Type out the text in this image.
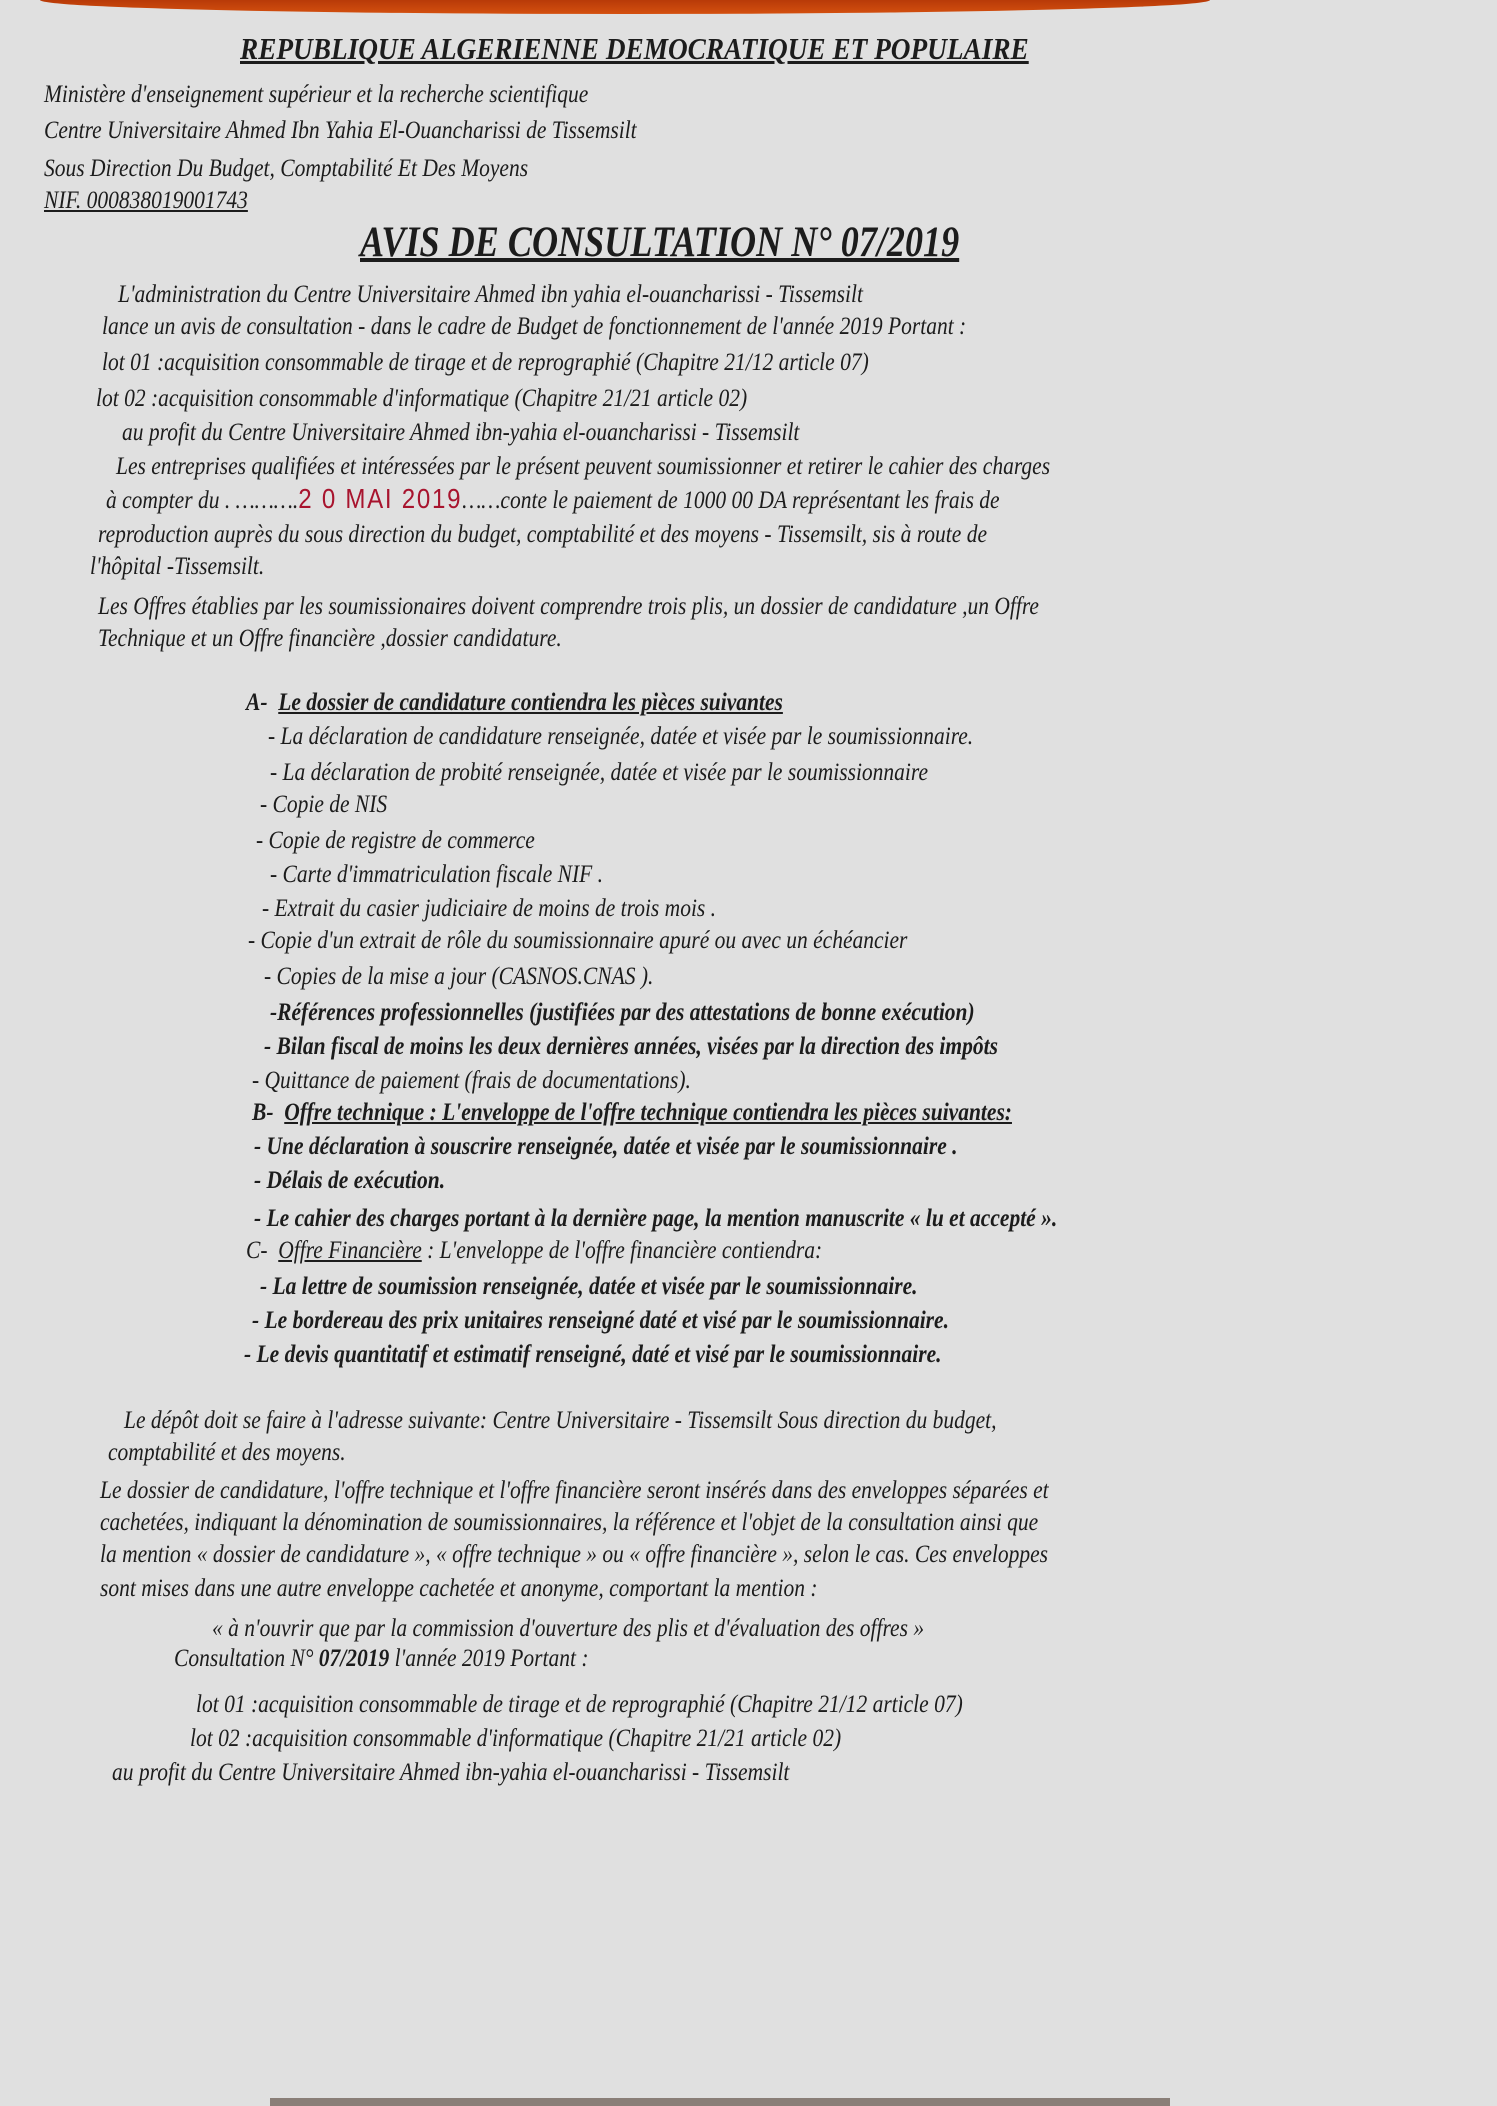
REPUBLIQUE ALGERIENNE DEMOCRATIQUE ET POPULAIRE
Ministère d'enseignement supérieur et la recherche scientifique
Centre Universitaire Ahmed Ibn Yahia El-Ouancharissi de Tissemsilt
Sous Direction Du Budget, Comptabilité Et Des Moyens
NIF. 000838019001743
AVIS DE CONSULTATION N° 07/2019
L'administration du Centre Universitaire Ahmed ibn yahia el-ouancharissi - Tissemsilt
lance un avis de consultation - dans le cadre de Budget de fonctionnement de l'année 2019 Portant :
lot 01 :acquisition consommable de tirage et de reprographié (Chapitre 21/12 article 07)
lot 02 :acquisition consommable d'informatique (Chapitre 21/21 article 02)
au profit du Centre Universitaire Ahmed ibn-yahia el-ouancharissi - Tissemsilt
Les entreprises qualifiées et intéressées par le présent peuvent soumissionner et retirer le cahier des charges
à compter du . ……….2 0 MAI 2019……conte le paiement de 1000 00 DA représentant les frais de
reproduction auprès du sous direction du budget, comptabilité et des moyens - Tissemsilt, sis à route de
l'hôpital -Tissemsilt.
Les Offres établies par les soumissionaires doivent comprendre trois plis, un dossier de candidature ,un Offre
Technique et un Offre financière ,dossier candidature.
A- Le dossier de candidature contiendra les pièces suivantes
- La déclaration de candidature renseignée, datée et visée par le soumissionnaire.
- La déclaration de probité renseignée, datée et visée par le soumissionnaire
- Copie de NIS
- Copie de registre de commerce
- Carte d'immatriculation fiscale NIF .
- Extrait du casier judiciaire de moins de trois mois .
- Copie d'un extrait de rôle du soumissionnaire apuré ou avec un échéancier
- Copies de la mise a jour (CASNOS.CNAS ).
-Références professionnelles (justifiées par des attestations de bonne exécution)
- Bilan fiscal de moins les deux dernières années, visées par la direction des impôts
- Quittance de paiement (frais de documentations).
B- Offre technique : L'enveloppe de l'offre technique contiendra les pièces suivantes:
- Une déclaration à souscrire renseignée, datée et visée par le soumissionnaire .
- Délais de exécution.
- Le cahier des charges portant à la dernière page, la mention manuscrite « lu et accepté ».
C- Offre Financière : L'enveloppe de l'offre financière contiendra:
- La lettre de soumission renseignée, datée et visée par le soumissionnaire.
- Le bordereau des prix unitaires renseigné daté et visé par le soumissionnaire.
- Le devis quantitatif et estimatif renseigné, daté et visé par le soumissionnaire.
Le dépôt doit se faire à l'adresse suivante: Centre Universitaire - Tissemsilt Sous direction du budget,
comptabilité et des moyens.
Le dossier de candidature, l'offre technique et l'offre financière seront insérés dans des enveloppes séparées et
cachetées, indiquant la dénomination de soumissionnaires, la référence et l'objet de la consultation ainsi que
la mention « dossier de candidature », « offre technique » ou « offre financière », selon le cas. Ces enveloppes
sont mises dans une autre enveloppe cachetée et anonyme, comportant la mention :
« à n'ouvrir que par la commission d'ouverture des plis et d'évaluation des offres »
Consultation N° 07/2019 l'année 2019 Portant :
lot 01 :acquisition consommable de tirage et de reprographié (Chapitre 21/12 article 07)
lot 02 :acquisition consommable d'informatique (Chapitre 21/21 article 02)
au profit du Centre Universitaire Ahmed ibn-yahia el-ouancharissi - Tissemsilt
